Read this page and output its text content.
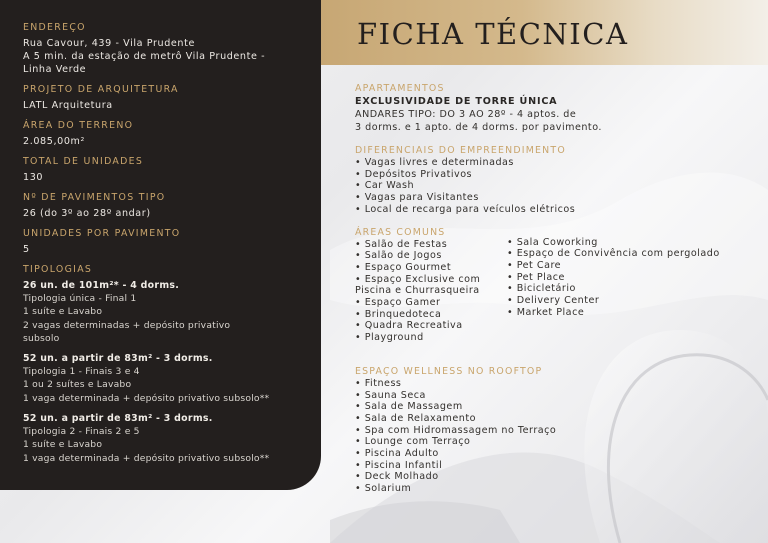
FICHA TÉCNICA
ENDEREÇO
Rua Cavour, 439 - Vila Prudente
A 5 min. da estação de metrô Vila Prudente -
Linha Verde
PROJETO DE ARQUITETURA
LATL Arquitetura
ÁREA DO TERRENO
2.085,00m²
TOTAL DE UNIDADES
130
Nº DE PAVIMENTOS TIPO
26 (do 3º ao 28º andar)
UNIDADES POR PAVIMENTO
5
TIPOLOGIAS
26 un. de 101m²* - 4 dorms.
Tipologia única - Final 1
1 suíte e Lavabo
2 vagas determinadas + depósito privativo
subsolo
52 un. a partir de 83m² - 3 dorms.
Tipologia 1 - Finais 3 e 4
1 ou 2 suítes e Lavabo
1 vaga determinada + depósito privativo subsolo**
52 un. a partir de 83m² - 3 dorms.
Tipologia 2 - Finais 2 e 5
1 suíte e Lavabo
1 vaga determinada + depósito privativo subsolo**
APARTAMENTOS
EXCLUSIVIDADE DE TORRE ÚNICA
ANDARES TIPO: DO 3 AO 28º - 4 aptos. de
3 dorms. e 1 apto. de 4 dorms. por pavimento.
DIFERENCIAIS DO EMPREENDIMENTO
• Vagas livres e determinadas
• Depósitos Privativos
• Car Wash
• Vagas para Visitantes
• Local de recarga para veículos elétricos
ÁREAS COMUNS
• Salão de Festas
• Salão de Jogos
• Espaço Gourmet
• Espaço Exclusive com
Piscina e Churrasqueira
• Espaço Gamer
• Brinquedoteca
• Quadra Recreativa
• Playground
• Sala Coworking
• Espaço de Convivência com pergolado
• Pet Care
• Pet Place
• Bicicletário
• Delivery Center
• Market Place
ESPAÇO WELLNESS NO ROOFTOP
• Fitness
• Sauna Seca
• Sala de Massagem
• Sala de Relaxamento
• Spa com Hidromassagem no Terraço
• Lounge com Terraço
• Piscina Adulto
• Piscina Infantil
• Deck Molhado
• Solarium
